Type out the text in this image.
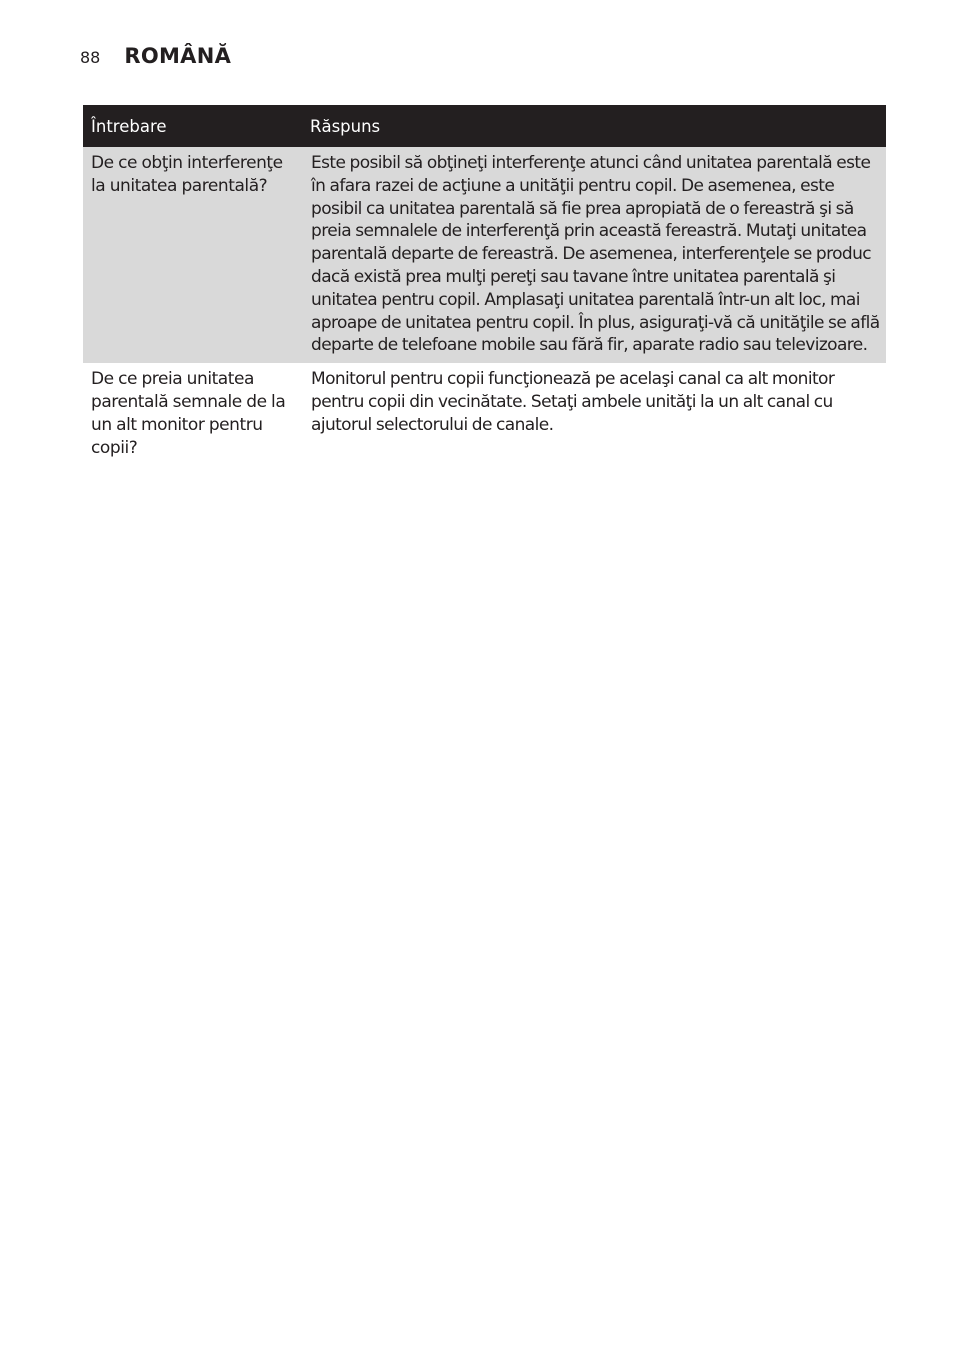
88 ROMÂNĂ
Întrebare	Răspuns
De ce obţin interferenţe la unitatea parentală?	Este posibil să obţineţi interferenţe atunci când unitatea parentală este în afara razei de acţiune a unităţii pentru copil. De asemenea, este posibil ca unitatea parentală să fie prea apropiată de o fereastră şi să preia semnalele de interferenţă prin această fereastră. Mutaţi unitatea parentală departe de fereastră. De asemenea, interferenţele se produc dacă există prea mulţi pereţi sau tavane între unitatea parentală şi unitatea pentru copil. Amplasaţi unitatea parentală într-un alt loc, mai aproape de unitatea pentru copil. În plus, asiguraţi-vă că unităţile se află departe de telefoane mobile sau fără fir, aparate radio sau televizoare.
De ce preia unitatea parentală semnale de la un alt monitor pentru copii?	Monitorul pentru copii funcţionează pe acelaşi canal ca alt monitor pentru copii din vecinătate. Setaţi ambele unităţi la un alt canal cu ajutorul selectorului de canale.
